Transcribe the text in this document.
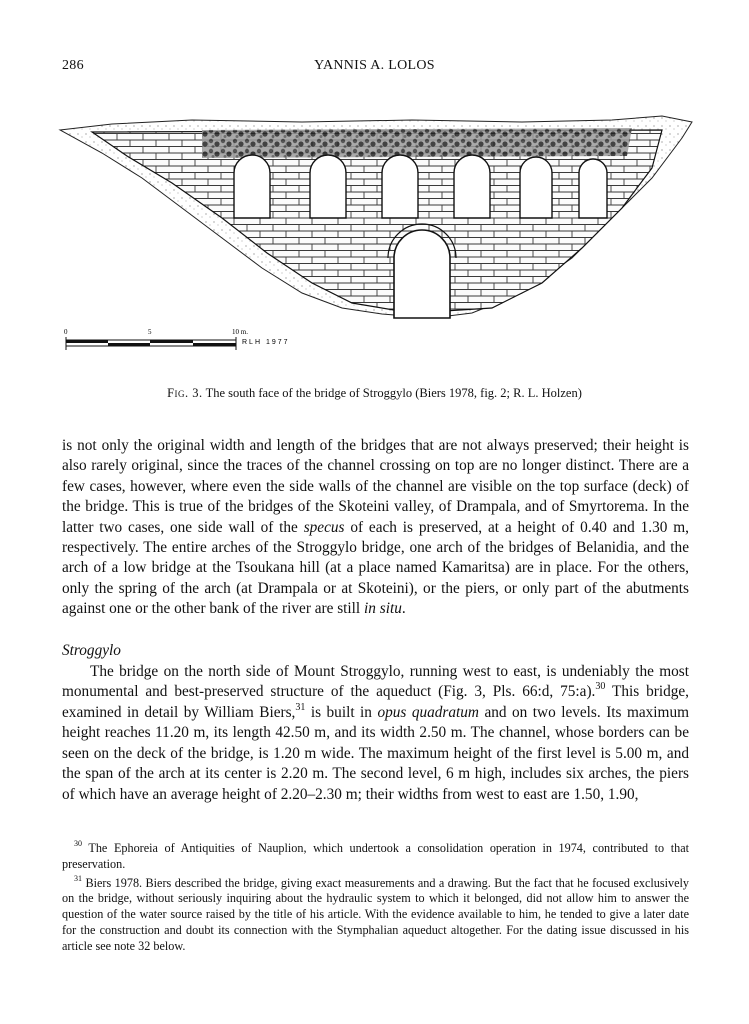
286	YANNIS A. LOLOS
0	5	10 m.
RLH 1977
Fig. 3. The south face of the bridge of Stroggylo (Biers 1978, fig. 2; R. L. Holzen)

is not only the original width and length of the bridges that are not always preserved; their height is also rarely original, since the traces of the channel crossing on top are no longer distinct. There are a few cases, however, where even the side walls of the channel are visible on the top surface (deck) of the bridge. This is true of the bridges of the Skoteini valley, of Drampala, and of Smyrtorema. In the latter two cases, one side wall of the specus of each is preserved, at a height of 0.40 and 1.30 m, respectively. The entire arches of the Stroggylo bridge, one arch of the bridges of Belanidia, and the arch of a low bridge at the Tsoukana hill (at a place named Kamaritsa) are in place. For the others, only the spring of the arch (at Drampala or at Skoteini), or the piers, or only part of the abutments against one or the other bank of the river are still in situ.

Stroggylo

The bridge on the north side of Mount Stroggylo, running west to east, is undeniably the most monumental and best-preserved structure of the aqueduct (Fig. 3, Pls. 66:d, 75:a).$^{30}$ This bridge, examined in detail by William Biers,$^{31}$ is built in opus quadratum and on two levels. Its maximum height reaches 11.20 m, its length 42.50 m, and its width 2.50 m. The channel, whose borders can be seen on the deck of the bridge, is 1.20 m wide. The maximum height of the first level is 5.00 m, and the span of the arch at its center is 2.20 m. The second level, 6 m high, includes six arches, the piers of which have an average height of 2.20–2.30 m; their widths from west to east are 1.50, 1.90,

$^{30}$ The Ephoreia of Antiquities of Nauplion, which undertook a consolidation operation in 1974, contributed to that preservation.

$^{31}$ Biers 1978. Biers described the bridge, giving exact measurements and a drawing. But the fact that he focused exclusively on the bridge, without seriously inquiring about the hydraulic system to which it belonged, did not allow him to answer the question of the water source raised by the title of his article. With the evidence available to him, he tended to give a later date for the construction and doubt its connection with the Stymphalian aqueduct altogether. For the dating issue discussed in his article see note 32 below.
